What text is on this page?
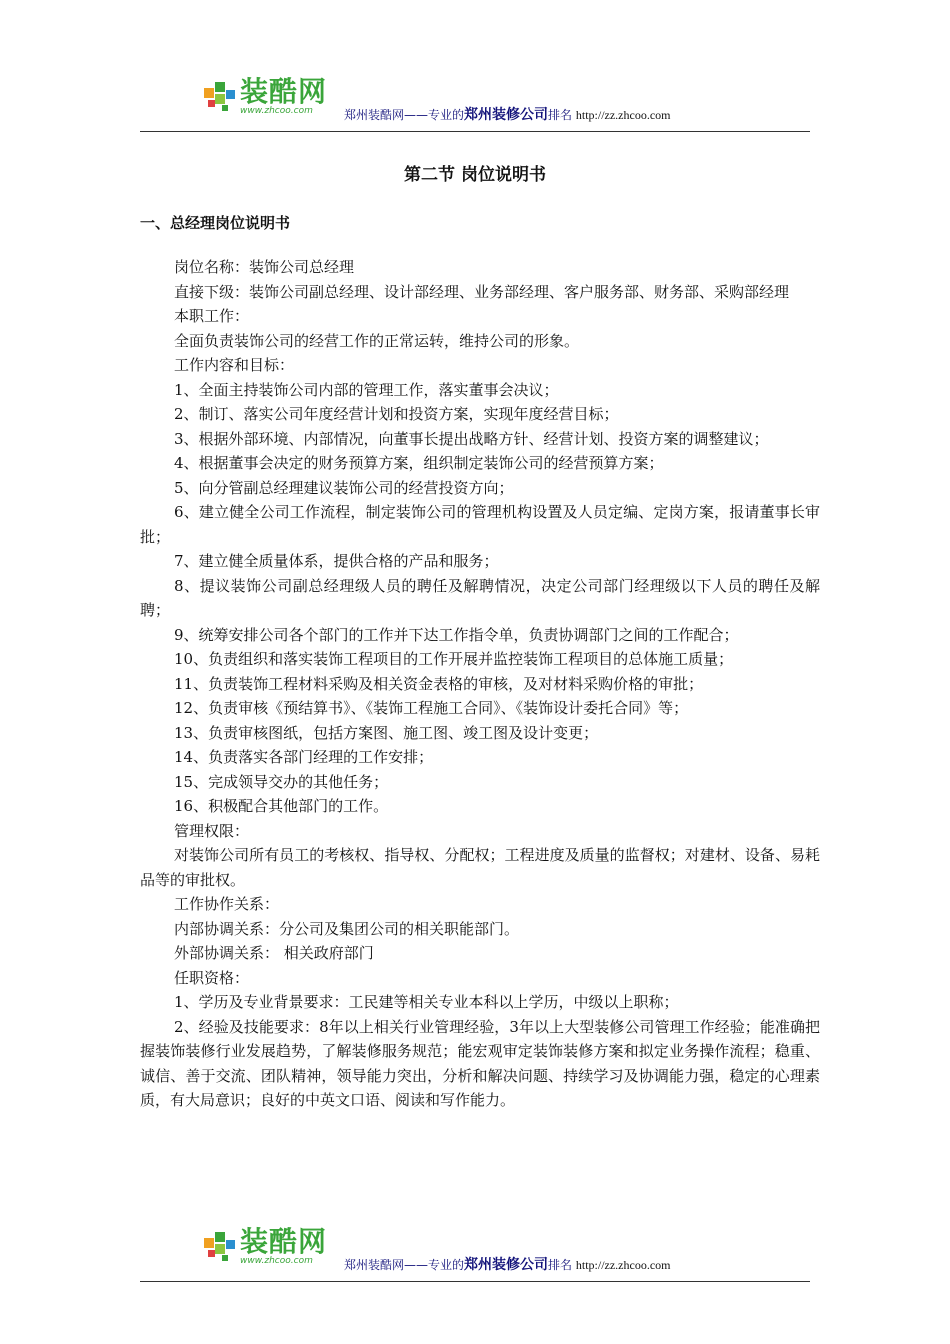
装酷网
www.zhcoo.com	郑州装酷网——专业的郑州装修公司排名 http://zz.zhcoo.com
第二节 岗位说明书
一、总经理岗位说明书

岗位名称：装饰公司总经理

直接下级：装饰公司副总经理、设计部经理、业务部经理、客户服务部、财务部、采购部经理

本职工作：

全面负责装饰公司的经营工作的正常运转，维持公司的形象。

工作内容和目标：

1、全面主持装饰公司内部的管理工作，落实董事会决议；

2、制订、落实公司年度经营计划和投资方案，实现年度经营目标；

3、根据外部环境、内部情况，向董事长提出战略方针、经营计划、投资方案的调整建议；

4、根据董事会决定的财务预算方案，组织制定装饰公司的经营预算方案；

5、向分管副总经理建议装饰公司的经营投资方向；

6、建立健全公司工作流程，制定装饰公司的管理机构设置及人员定编、定岗方案，报请董事长审批；

7、建立健全质量体系，提供合格的产品和服务；

8、提议装饰公司副总经理级人员的聘任及解聘情况，决定公司部门经理级以下人员的聘任及解聘；

9、统筹安排公司各个部门的工作并下达工作指令单，负责协调部门之间的工作配合；

10、负责组织和落实装饰工程项目的工作开展并监控装饰工程项目的总体施工质量；

11、负责装饰工程材料采购及相关资金表格的审核，及对材料采购价格的审批；

12、负责审核《预结算书》、《装饰工程施工合同》、《装饰设计委托合同》等；

13、负责审核图纸，包括方案图、施工图、竣工图及设计变更；

14、负责落实各部门经理的工作安排；

15、完成领导交办的其他任务；

16、积极配合其他部门的工作。

管理权限：

对装饰公司所有员工的考核权、指导权、分配权；工程进度及质量的监督权；对建材、设备、易耗品等的审批权。

工作协作关系：

内部协调关系：分公司及集团公司的相关职能部门。

外部协调关系： 相关政府部门

任职资格：

1、学历及专业背景要求：工民建等相关专业本科以上学历，中级以上职称；

2、经验及技能要求：8年以上相关行业管理经验，3年以上大型装修公司管理工作经验；能准确把握装饰装修行业发展趋势，了解装修服务规范；能宏观审定装饰装修方案和拟定业务操作流程；稳重、诚信、善于交流、团队精神，领导能力突出，分析和解决问题、持续学习及协调能力强，稳定的心理素质，有大局意识；良好的中英文口语、阅读和写作能力。

装酷网
www.zhcoo.com	郑州装酷网——专业的郑州装修公司排名 http://zz.zhcoo.com
